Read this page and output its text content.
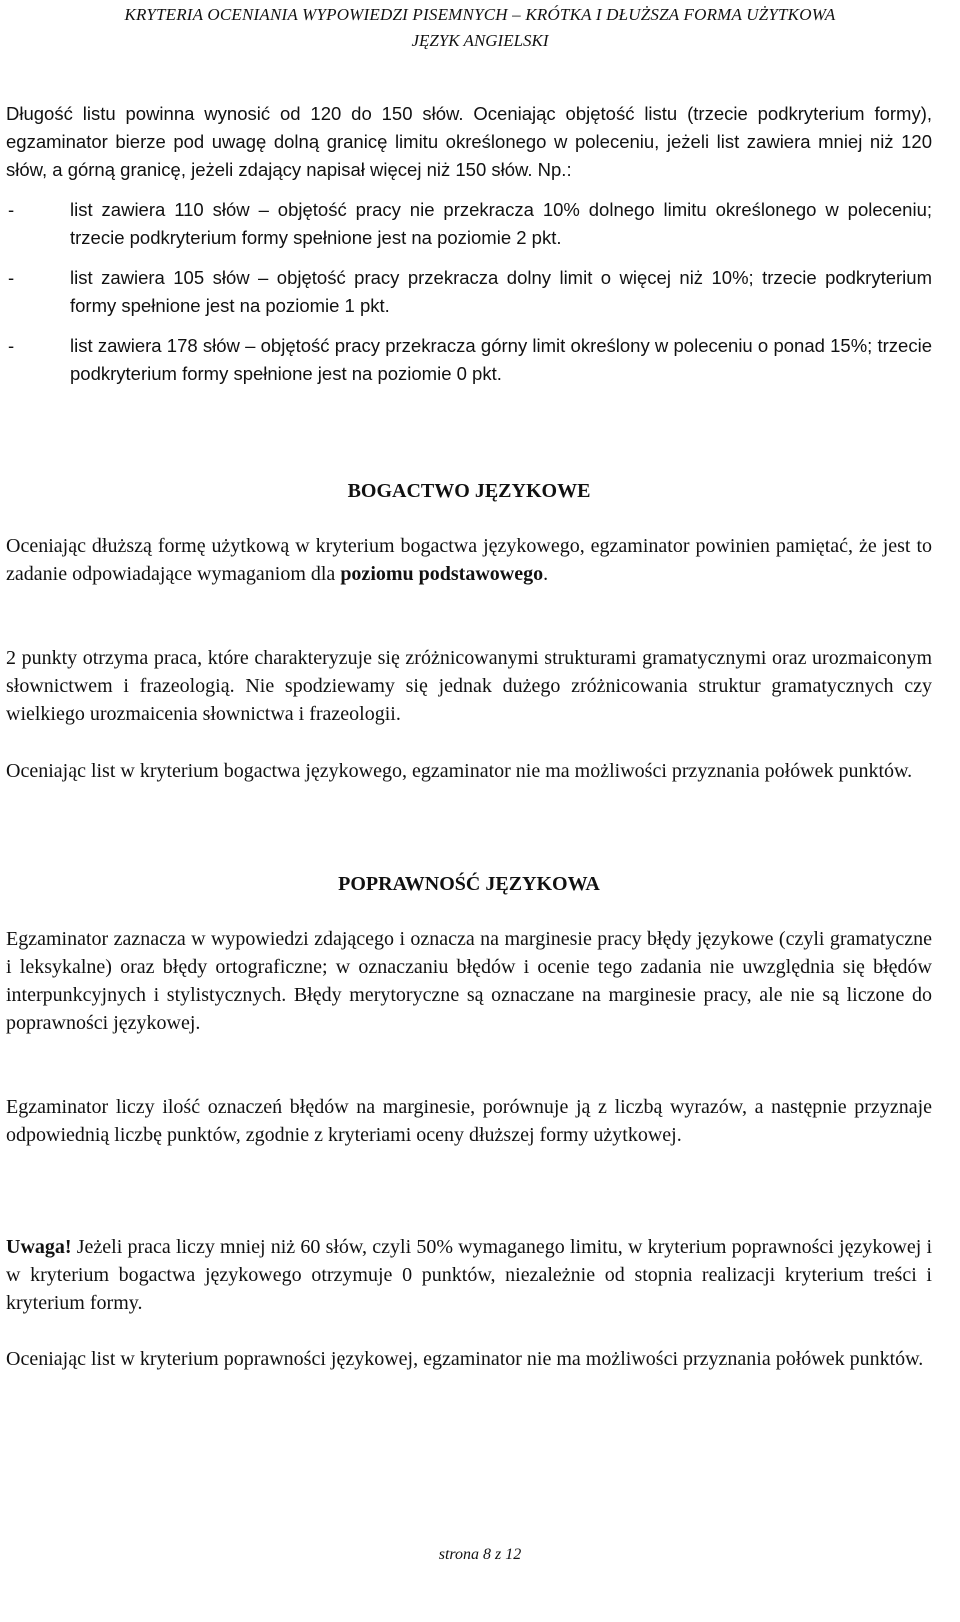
KRYTERIA OCENIANIA WYPOWIEDZI PISEMNYCH – KRÓTKA I DŁUŻSZA FORMA UŻYTKOWA
JĘZYK ANGIELSKI

Długość listu powinna wynosić od 120 do 150 słów. Oceniając objętość listu (trzecie podkryterium formy), egzaminator bierze pod uwagę dolną granicę limitu określonego w poleceniu, jeżeli list zawiera mniej niż 120 słów, a górną granicę, jeżeli zdający napisał więcej niż 150 słów. Np.:

-	list zawiera 110 słów – objętość pracy nie przekracza 10% dolnego limitu określonego w poleceniu; trzecie podkryterium formy spełnione jest na poziomie 2 pkt.
-	list zawiera 105 słów – objętość pracy przekracza dolny limit o więcej niż 10%; trzecie podkryterium formy spełnione jest na poziomie 1 pkt.
-	list zawiera 178 słów – objętość pracy przekracza górny limit określony w poleceniu o ponad 15%; trzecie podkryterium formy spełnione jest na poziomie 0 pkt.
BOGACTWO JĘZYKOWE

Oceniając dłuższą formę użytkową w kryterium bogactwa językowego, egzaminator powinien pamiętać, że jest to zadanie odpowiadające wymaganiom dla poziomu podstawowego.

2 punkty otrzyma praca, które charakteryzuje się zróżnicowanymi strukturami gramatycznymi oraz urozmaiconym słownictwem i frazeologią. Nie spodziewamy się jednak dużego zróżnicowania struktur gramatycznych czy wielkiego urozmaicenia słownictwa i frazeologii.

Oceniając list w kryterium bogactwa językowego, egzaminator nie ma możliwości przyznania połówek punktów.

POPRAWNOŚĆ JĘZYKOWA

Egzaminator zaznacza w wypowiedzi zdającego i oznacza na marginesie pracy błędy językowe (czyli gramatyczne i leksykalne) oraz błędy ortograficzne; w oznaczaniu błędów i ocenie tego zadania nie uwzględnia się błędów interpunkcyjnych i stylistycznych. Błędy merytoryczne są oznaczane na marginesie pracy, ale nie są liczone do poprawności językowej.

Egzaminator liczy ilość oznaczeń błędów na marginesie, porównuje ją z liczbą wyrazów, a następnie przyznaje odpowiednią liczbę punktów, zgodnie z kryteriami oceny dłuższej formy użytkowej.

Uwaga! Jeżeli praca liczy mniej niż 60 słów, czyli 50% wymaganego limitu, w kryterium poprawności językowej i w kryterium bogactwa językowego otrzymuje 0 punktów, niezależnie od stopnia realizacji kryterium treści i kryterium formy.

Oceniając list w kryterium poprawności językowej, egzaminator nie ma możliwości przyznania połówek punktów.

strona 8 z 12
